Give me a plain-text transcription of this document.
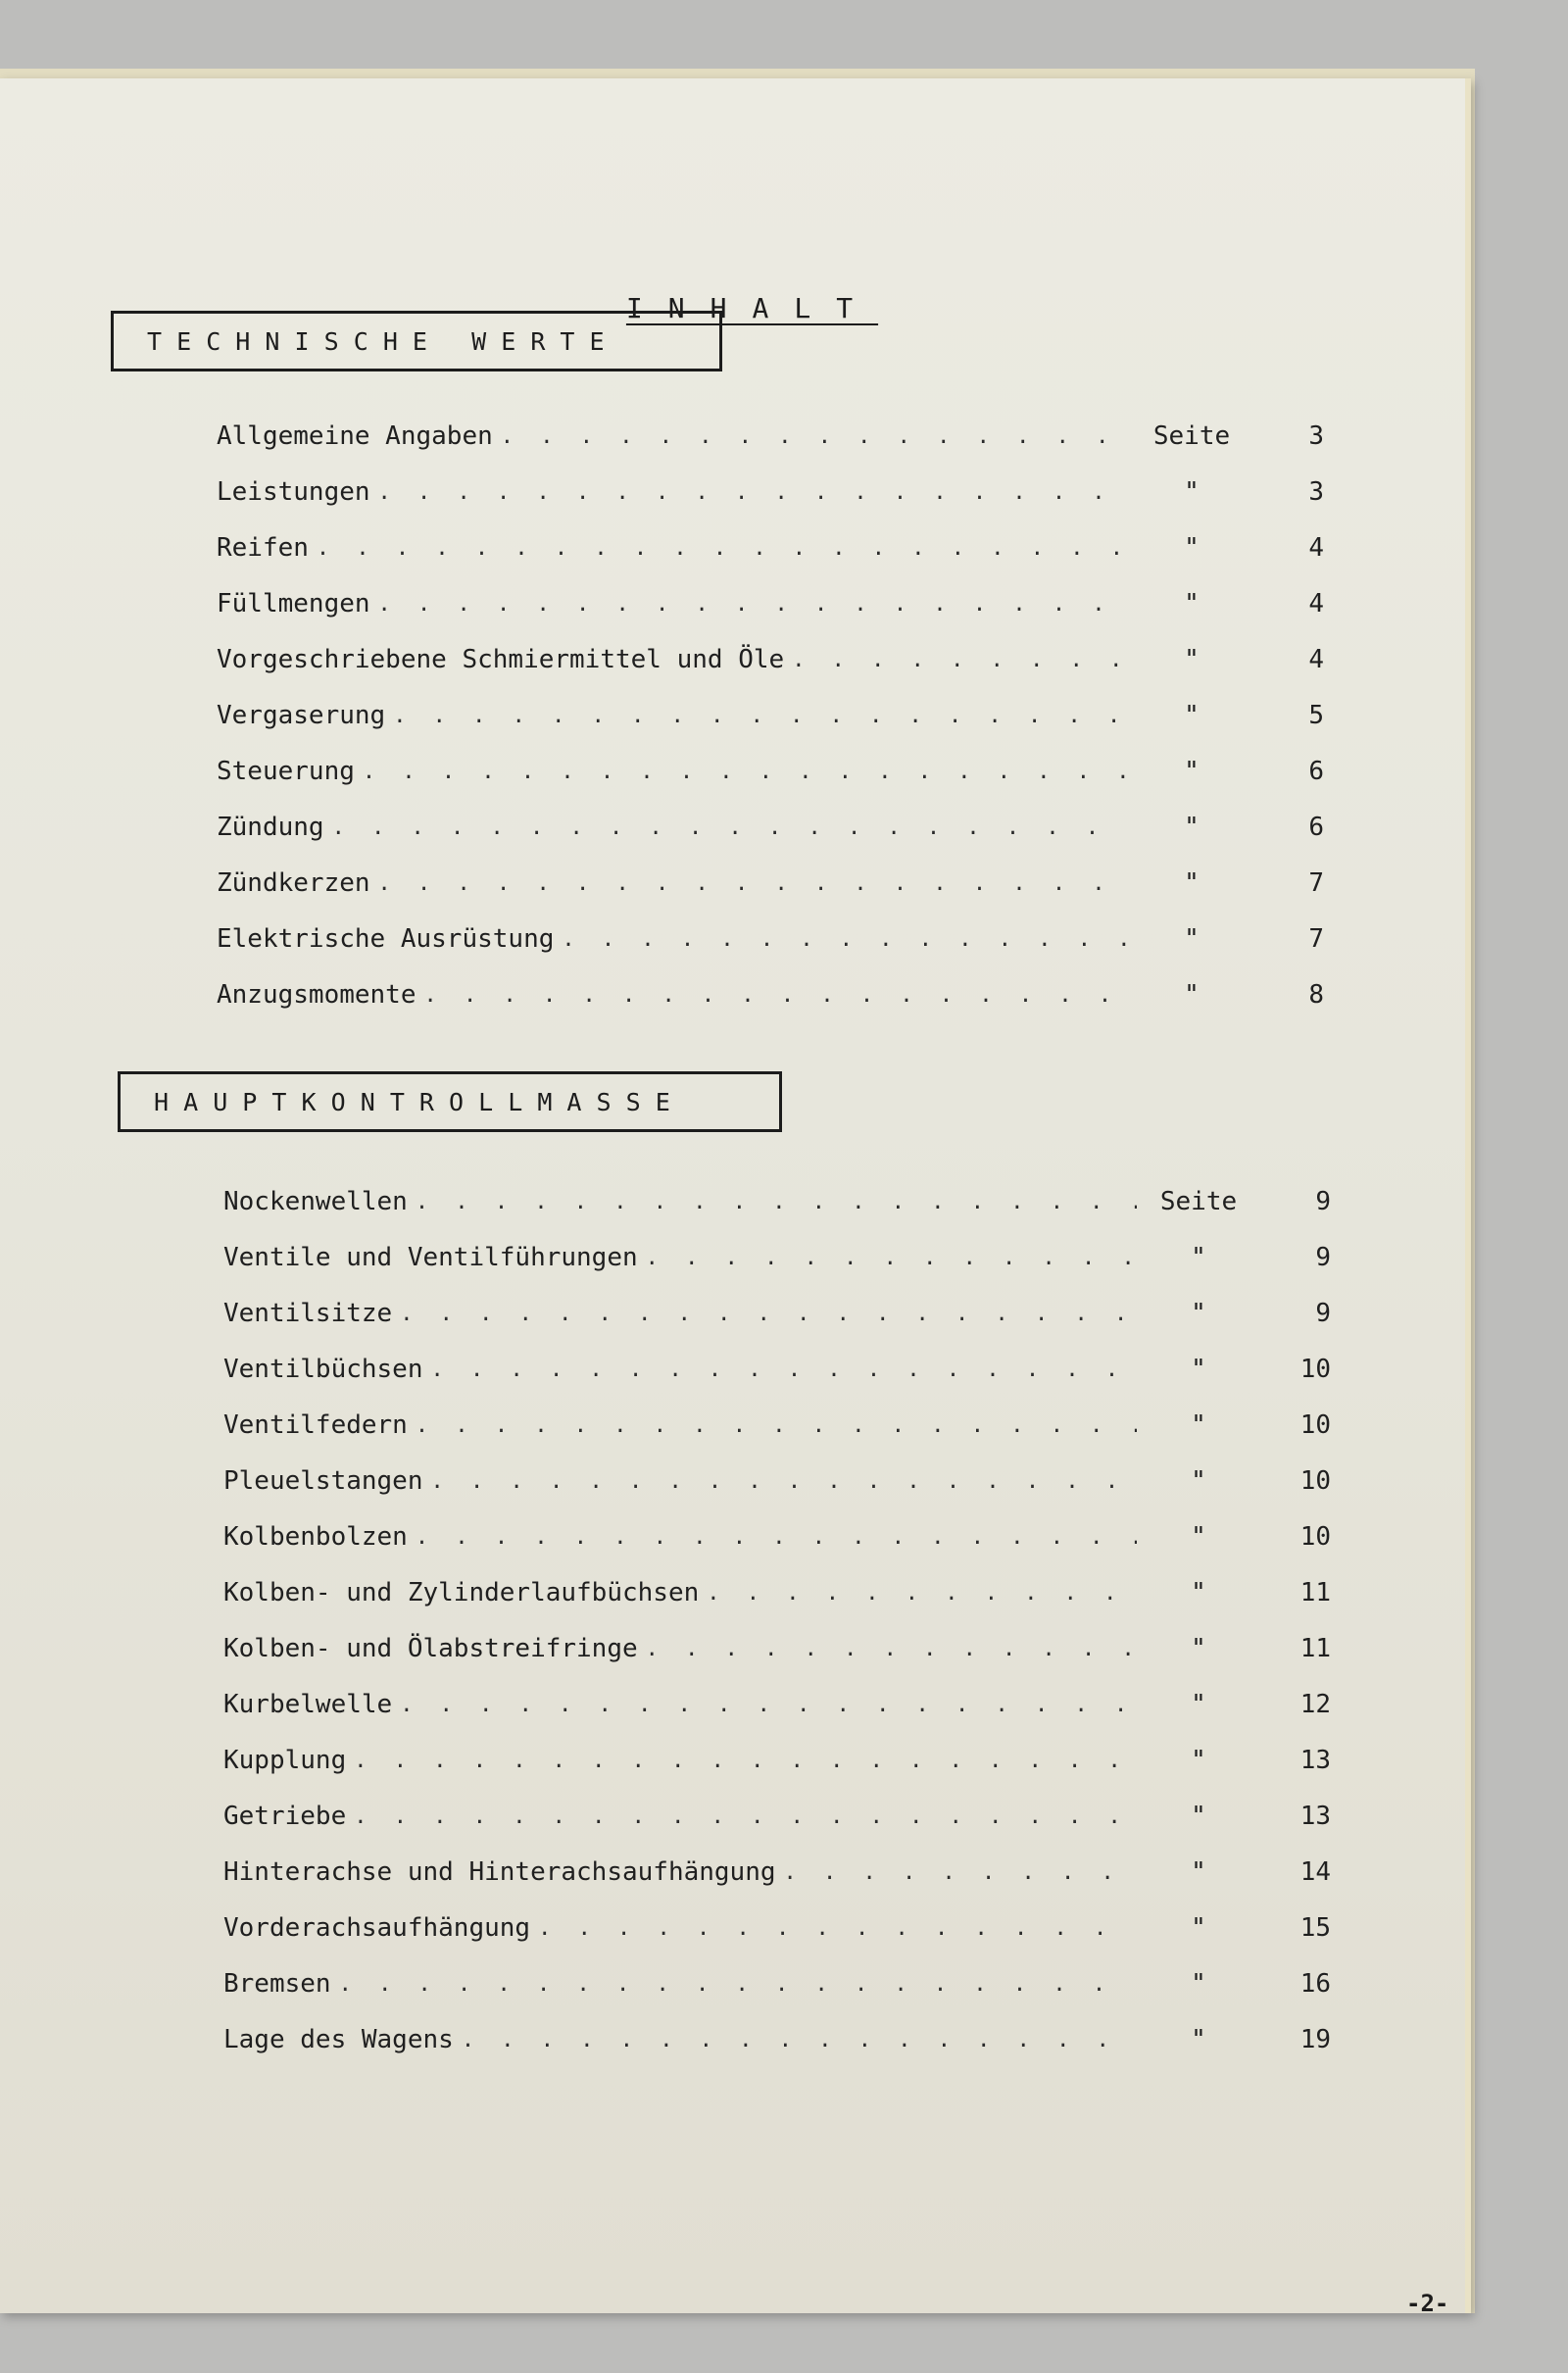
INHALT
T E C H N I S C H E   W E R T E
Allgemeine Angaben . . .	Seite	3
Leistungen . . .	"	3
Reifen . . .	"	4
Füllmengen . . .	"	4
Vorgeschriebene Schmiermittel und Öle . . .	"	4
Vergaserung . . .	"	5
Steuerung . . .	"	6
Zündung . . .	"	6
Zündkerzen . . .	"	7
Elektrische Ausrüstung . . .	"	7
Anzugsmomente . . .	"	8
H A U P T K O N T R O L L M A S S E
Nockenwellen . . .	Seite	9
Ventile und Ventilführungen . . .	"	9
Ventilsitze . . .	"	9
Ventilbüchsen . . .	"	10
Ventilfedern . . .	"	10
Pleuelstangen . . .	"	10
Kolbenbolzen . . .	"	10
Kolben- und Zylinderlaufbüchsen . . .	"	11
Kolben- und Ölabstreifringe . . .	"	11
Kurbelwelle . . .	"	12
Kupplung . . .	"	13
Getriebe . . .	"	13
Hinterachse und Hinterachsaufhängung . . .	"	14
Vorderachsaufhängung . . .	"	15
Bremsen . . .	"	16
Lage des Wagens . . .	"	19
-2-
